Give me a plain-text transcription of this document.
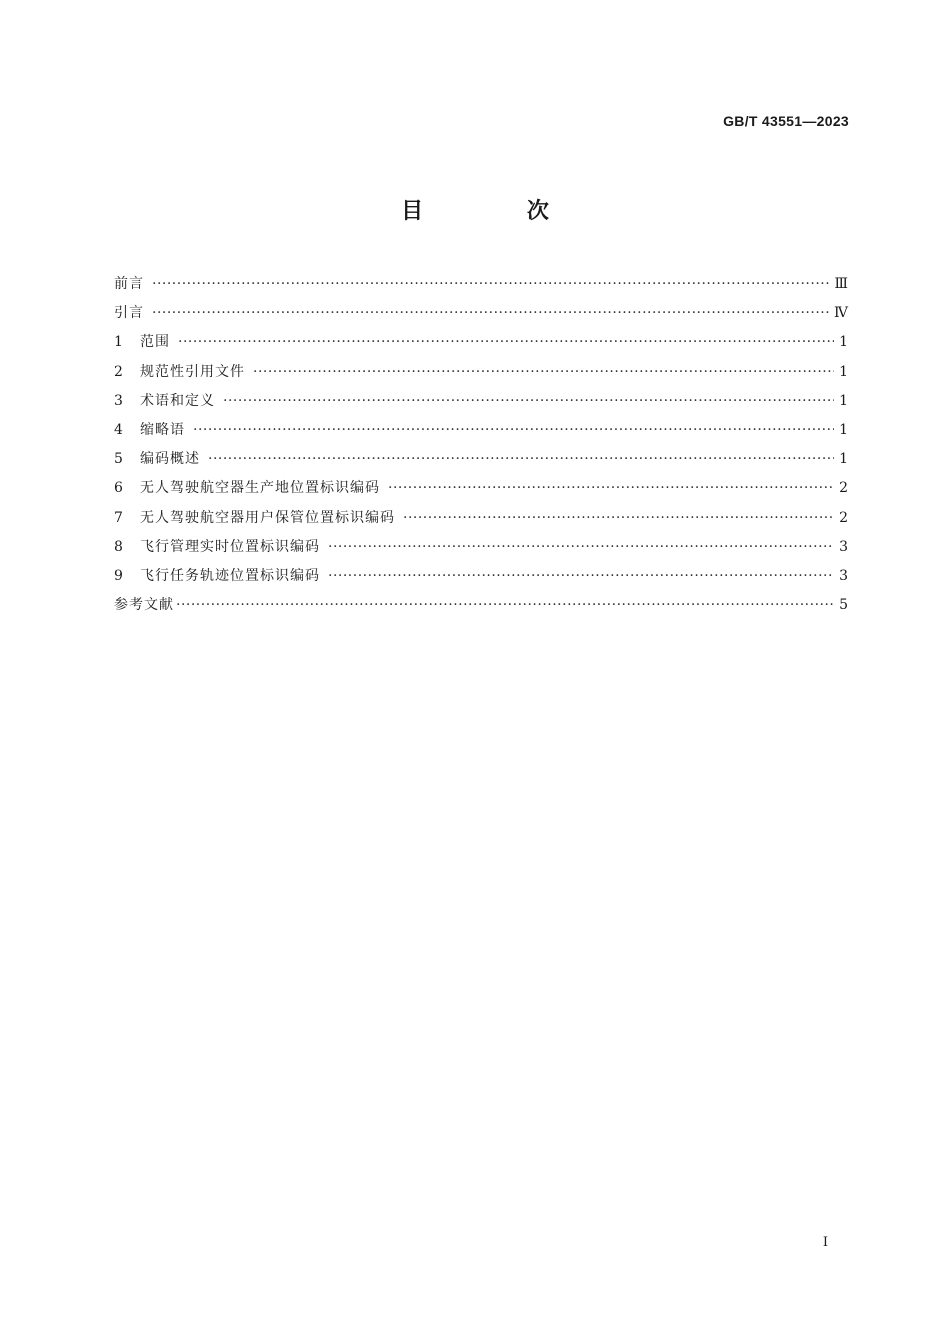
GB/T 43551—2023
目 次
前言 ·····	Ⅲ
引言 ·····	Ⅳ
1	范围 ·····	1
2	规范性引用文件 ·····	1
3	术语和定义 ·····	1
4	缩略语 ·····	1
5	编码概述 ·····	1
6	无人驾驶航空器生产地位置标识编码 ·····	2
7	无人驾驶航空器用户保管位置标识编码 ·····	2
8	飞行管理实时位置标识编码 ·····	3
9	飞行任务轨迹位置标识编码 ·····	3
参考文献 ·····	5
I
